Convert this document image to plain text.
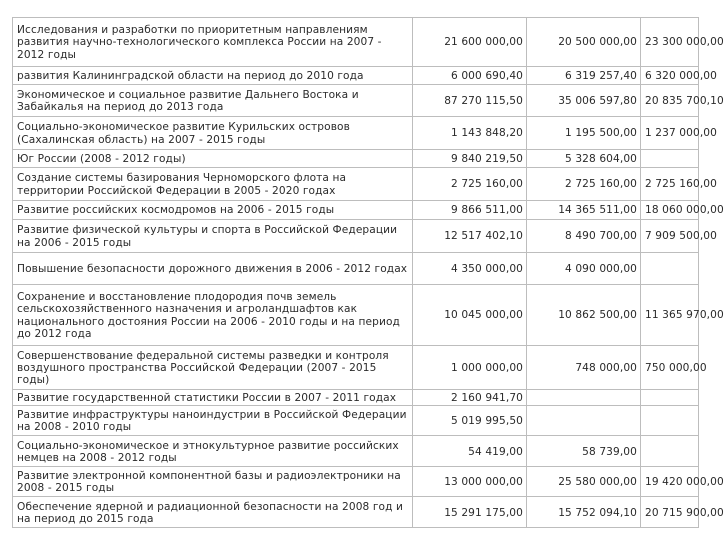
Исследования и разработки по приоритетным направлениям развития научно-технологического комплекса России на 2007 - 2012 годы	21 600 000,00	20 500 000,00	23 300 000,00
развития Калининградской области на период до 2010 года	6 000 690,40	6 319 257,40	6 320 000,00
Экономическое и социальное развитие Дальнего Востока и Забайкалья на период до 2013 года	87 270 115,50	35 006 597,80	20 835 700,10
Социально-экономическое развитие Курильских островов (Сахалинская область) на 2007 - 2015 годы	1 143 848,20	1 195 500,00	1 237 000,00
Юг России (2008 - 2012 годы)	9 840 219,50	5 328 604,00	
Создание системы базирования Черноморского флота на территории Российской Федерации в 2005 - 2020 годах	2 725 160,00	2 725 160,00	2 725 160,00
Развитие российских космодромов на 2006 - 2015 годы	9 866 511,00	14 365 511,00	18 060 000,00
Развитие физической культуры и спорта в Российской Федерации на 2006 - 2015 годы	12 517 402,10	8 490 700,00	7 909 500,00
Повышение безопасности дорожного движения в 2006 - 2012 годах	4 350 000,00	4 090 000,00	
Сохранение и восстановление плодородия почв земель сельскохозяйственного назначения и агроландшафтов как национального достояния России на 2006 - 2010 годы и на период до 2012 года	10 045 000,00	10 862 500,00	11 365 970,00
Совершенствование федеральной системы разведки и контроля воздушного пространства Российской Федерации (2007 - 2015 годы)	1 000 000,00	748 000,00	750 000,00
Развитие государственной статистики России в 2007 - 2011 годах	2 160 941,70		
Развитие инфраструктуры наноиндустрии в Российской Федерации на 2008 - 2010 годы	5 019 995,50		
Социально-экономическое и этнокультурное развитие российских немцев на 2008 - 2012 годы	54 419,00	58 739,00	
Развитие электронной компонентной базы и радиоэлектроники на 2008 - 2015 годы	13 000 000,00	25 580 000,00	19 420 000,00
Обеспечение ядерной и радиационной безопасности на 2008 год и на период до 2015 года	15 291 175,00	15 752 094,10	20 715 900,00
